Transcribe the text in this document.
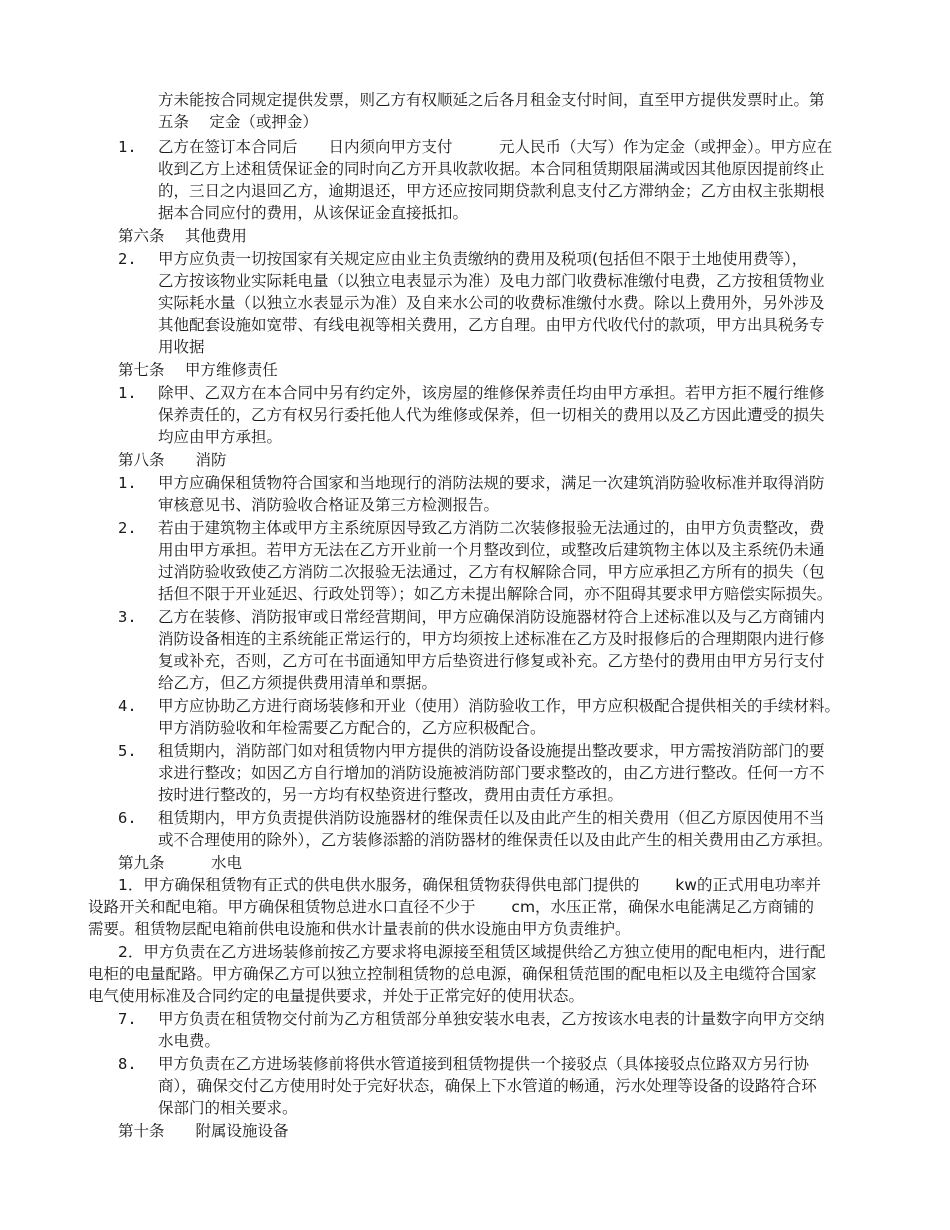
方未能按合同规定提供发票，则乙方有权顺延之后各月租金支付时间，直至甲方提供发票时止。第
五条　 定金（或押金）
1. 乙方在签订本合同后　　日内须向甲方支付　　　元人民币（大写）作为定金（或押金）。甲方应在
收到乙方上述租赁保证金的同时向乙方开具收款收据。本合同租赁期限届满或因其他原因提前终止
的，三日之内退回乙方，逾期退还，甲方还应按同期贷款利息支付乙方滞纳金；乙方由权主张期根
据本合同应付的费用，从该保证金直接抵扣。
第六条　 其他费用
2. 甲方应负责一切按国家有关规定应由业主负责缴纳的费用及税项(包括但不限于土地使用费等），
乙方按该物业实际耗电量（以独立电表显示为准）及电力部门收费标准缴付电费，乙方按租赁物业
实际耗水量（以独立水表显示为准）及自来水公司的收费标准缴付水费。除以上费用外，另外涉及
其他配套设施如宽带、有线电视等相关费用，乙方自理。由甲方代收代付的款项，甲方出具税务专
用收据
第七条　 甲方维修责任
1. 除甲、乙双方在本合同中另有约定外，该房屋的维修保养责任均由甲方承担。若甲方拒不履行维修
保养责任的，乙方有权另行委托他人代为维修或保养，但一切相关的费用以及乙方因此遭受的损失
均应由甲方承担。
第八条　　消防
1. 甲方应确保租赁物符合国家和当地现行的消防法规的要求，满足一次建筑消防验收标准并取得消防
审核意见书、消防验收合格证及第三方检测报告。
2. 若由于建筑物主体或甲方主系统原因导致乙方消防二次装修报验无法通过的，由甲方负责整改，费
用由甲方承担。若甲方无法在乙方开业前一个月整改到位，或整改后建筑物主体以及主系统仍未通
过消防验收致使乙方消防二次报验无法通过，乙方有权解除合同，甲方应承担乙方所有的损失（包
括但不限于开业延迟、行政处罚等）；如乙方未提出解除合同，亦不阻碍其要求甲方赔偿实际损失。
3. 乙方在装修、消防报审或日常经营期间，甲方应确保消防设施器材符合上述标准以及与乙方商铺内
消防设备相连的主系统能正常运行的，甲方均须按上述标准在乙方及时报修后的合理期限内进行修
复或补充，否则，乙方可在书面通知甲方后垫资进行修复或补充。乙方垫付的费用由甲方另行支付
给乙方，但乙方须提供费用清单和票据。
4. 甲方应协助乙方进行商场装修和开业（使用）消防验收工作，甲方应积极配合提供相关的手续材料。
甲方消防验收和年检需要乙方配合的，乙方应积极配合。
5. 租赁期内，消防部门如对租赁物内甲方提供的消防设备设施提出整改要求，甲方需按消防部门的要
求进行整改；如因乙方自行增加的消防设施被消防部门要求整改的，由乙方进行整改。任何一方不
按时进行整改的，另一方均有权垫资进行整改，费用由责任方承担。
6. 租赁期内，甲方负责提供消防设施器材的维保责任以及由此产生的相关费用（但乙方原因使用不当
或不合理使用的除外），乙方装修添豁的消防器材的维保责任以及由此产生的相关费用由乙方承担。
第九条　　　水电
1．甲方确保租赁物有正式的供电供水服务，确保租赁物获得供电部门提供的　　 kw的正式用电功率并
设路开关和配电箱。甲方确保租赁物总进水口直径不少于　　 cm，水压正常，确保水电能满足乙方商铺的
需要。租赁物层配电箱前供电设施和供水计量表前的供水设施由甲方负责维护。
2．甲方负责在乙方进场装修前按乙方要求将电源接至租赁区域提供给乙方独立使用的配电柜内，进行配
电柜的电量配路。甲方确保乙方可以独立控制租赁物的总电源，确保租赁范围的配电柜以及主电缆符合国家
电气使用标准及合同约定的电量提供要求，并处于正常完好的使用状态。
7. 甲方负责在租赁物交付前为乙方租赁部分单独安装水电表，乙方按该水电表的计量数字向甲方交纳
水电费。
8. 甲方负责在乙方进场装修前将供水管道接到租赁物提供一个接驳点（具体接驳点位路双方另行协
商），确保交付乙方使用时处于完好状态，确保上下水管道的畅通，污水处理等设备的设路符合环
保部门的相关要求。
第十条　　附属设施设备
